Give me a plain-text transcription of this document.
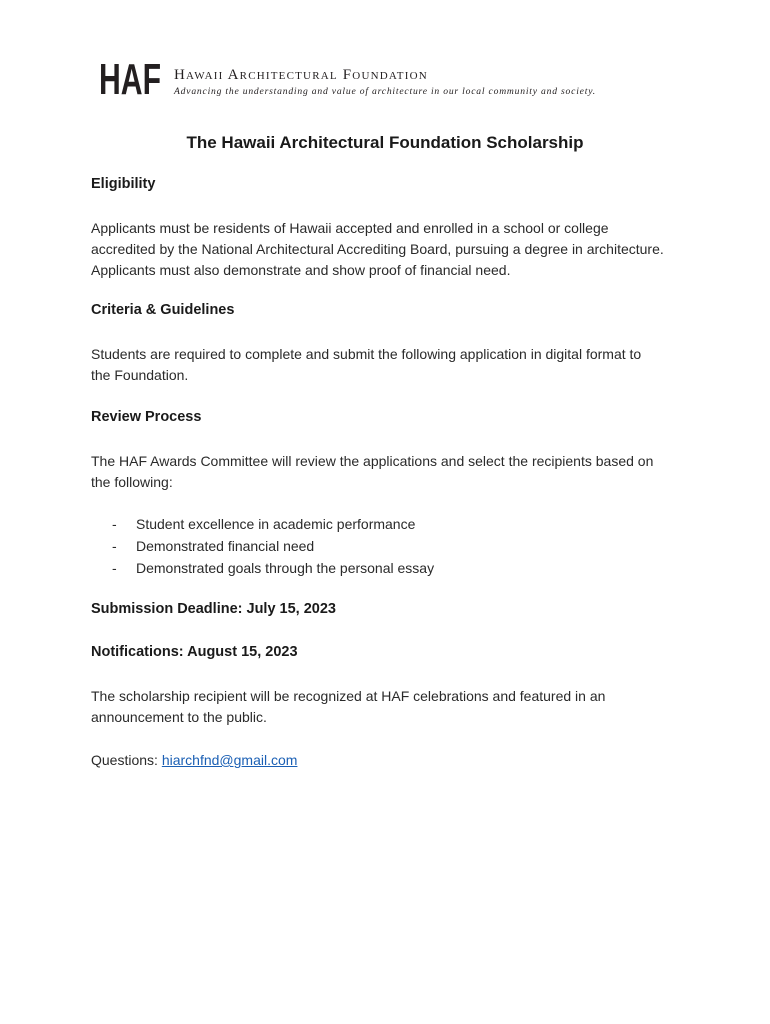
HAF Hawaii Architectural Foundation
Advancing the understanding and value of architecture in our local community and society.
The Hawaii Architectural Foundation Scholarship
Eligibility
Applicants must be residents of Hawaii accepted and enrolled in a school or college
accredited by the National Architectural Accrediting Board, pursuing a degree in architecture.
Applicants must also demonstrate and show proof of financial need.
Criteria & Guidelines
Students are required to complete and submit the following application in digital format to
the Foundation.
Review Process
The HAF Awards Committee will review the applications and select the recipients based on
the following:
- Student excellence in academic performance
- Demonstrated financial need
- Demonstrated goals through the personal essay
Submission Deadline: July 15, 2023
Notifications: August 15, 2023
The scholarship recipient will be recognized at HAF celebrations and featured in an
announcement to the public.
Questions: hiarchfnd@gmail.com
